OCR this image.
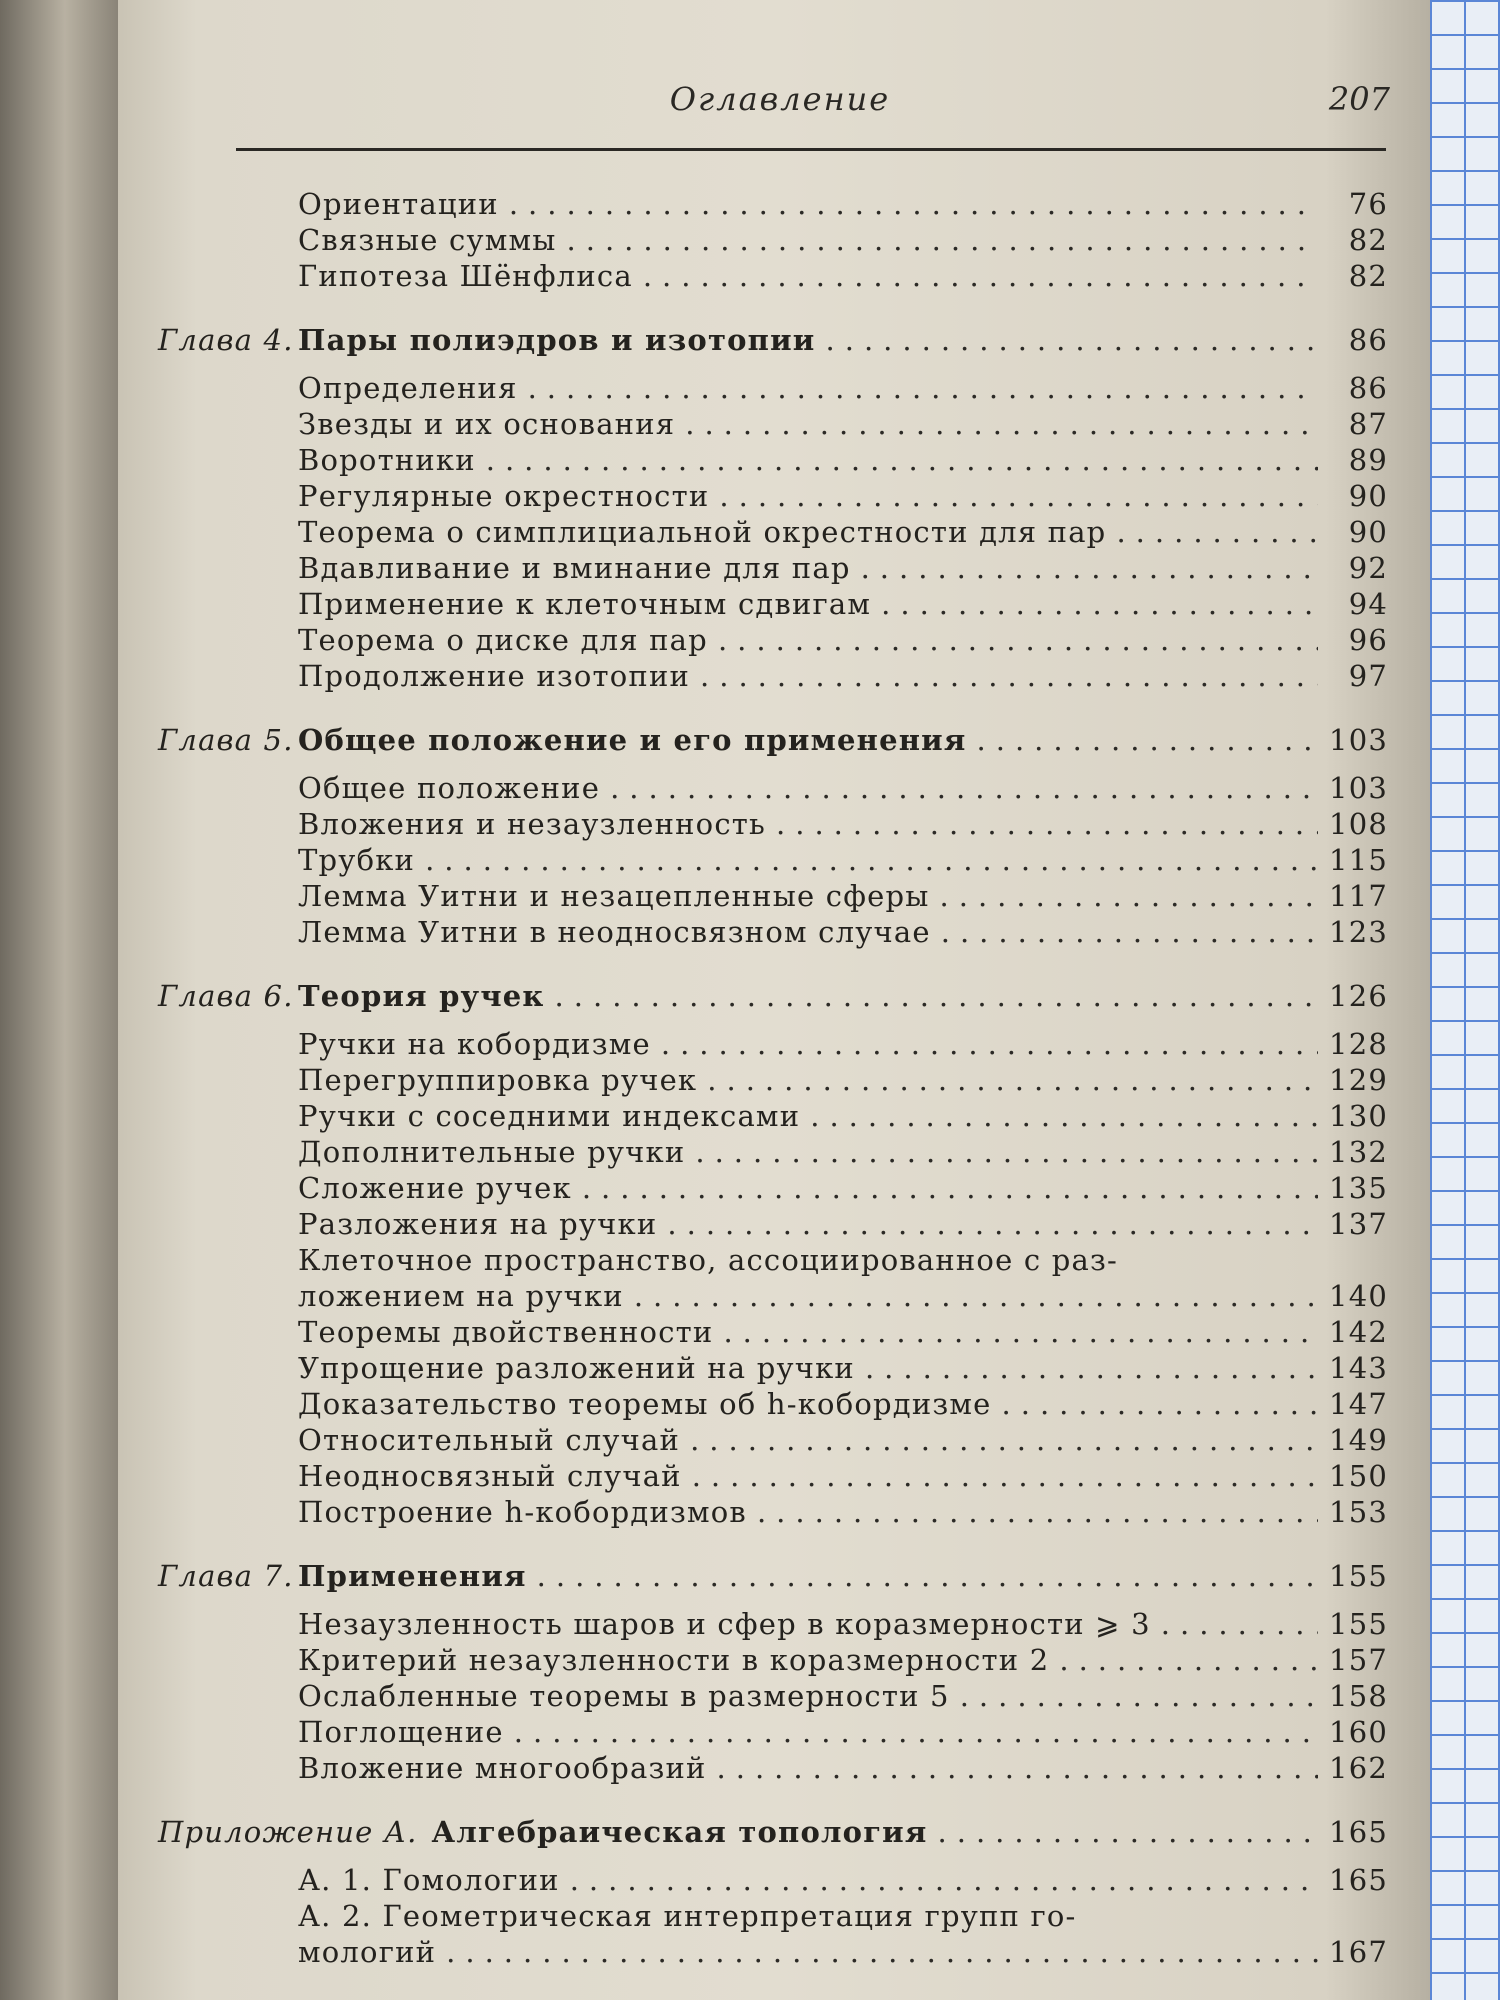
Оглавление	207
Ориентации .....	76
Связные суммы .....	82
Гипотеза Шёнфлиса .....	82
Глава 4. Пары полиэдров и изотопии .....	86
Определения .....	86
Звезды и их основания .....	87
Воротники .....	89
Регулярные окрестности .....	90
Теорема о симплициальной окрестности для пар .....	90
Вдавливание и вминание для пар .....	92
Применение к клеточным сдвигам .....	94
Теорема о диске для пар .....	96
Продолжение изотопии .....	97
Глава 5. Общее положение и его применения .....	103
Общее положение .....	103
Вложения и незаузленность .....	108
Трубки .....	115
Лемма Уитни и незацепленные сферы .....	117
Лемма Уитни в неодносвязном случае .....	123
Глава 6. Теория ручек .....	126
Ручки на кобордизме .....	128
Перегруппировка ручек .....	129
Ручки с соседними индексами .....	130
Дополнительные ручки .....	132
Сложение ручек .....	135
Разложения на ручки .....	137
Клеточное пространство, ассоциированное с раз-
ложением на ручки .....	140
Теоремы двойственности .....	142
Упрощение разложений на ручки .....	143
Доказательство теоремы об h-кобордизме .....	147
Относительный случай .....	149
Неодносвязный случай .....	150
Построение h-кобордизмов .....	153
Глава 7. Применения .....	155
Незаузленность шаров и сфер в коразмерности ⩾ 3 .....	155
Критерий незаузленности в коразмерности 2 .....	157
Ослабленные теоремы в размерности 5 .....	158
Поглощение .....	160
Вложение многообразий .....	162
Приложение А. Алгебраическая топология .....	165
А. 1. Гомологии .....	165
А. 2. Геометрическая интерпретация групп го-
мологий .....	167
